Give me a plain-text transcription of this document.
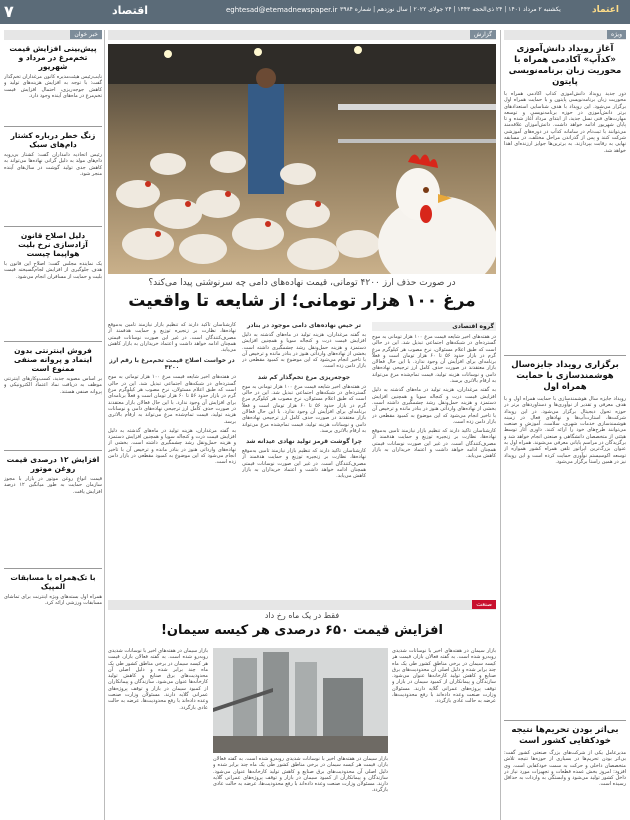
۷	اقتصاد	eghtesad@etemadnewspaper.ir یکشنبه ۲ مرداد ۱۴۰۱ | ۲۴ ذی‌الحجه ۱۴۴۳ | ۲۴ جولای ۲۰۲۲ | سال نوزدهم | شماره ۳۹۸۴	اعتماد
ویژه
آغاز رویداد دانش‌آموزی «کدآپ» آکادمی همراه با محوریت زبان برنامه‌نویسی پایتون
دور جدید رویداد دانش‌آموزی کدآپ آکادمی همراه با محوریت زبان برنامه‌نویسی پایتون و با حمایت همراه اول برگزار می‌شود. این رویداد با هدف شناسایی استعدادهای برتر دانش‌آموزی در حوزه برنامه‌نویسی و توسعه مهارت‌های فنی نسل جدید، از ابتدای مرداد آغاز شده و تا پایان شهریور ادامه خواهد داشت. دانش‌آموزان علاقه‌مند می‌توانند با ثبت‌نام در سامانه کدآپ در دوره‌های آموزشی شرکت کنند و پس از گذراندن مراحل مختلف، در مسابقه نهایی به رقابت بپردازند. به برترین‌ها جوایز ارزنده‌ای اهدا خواهد شد.
برگزاری رویداد جایزه‌سال هوشمندسازی با حمایت همراه اول
رویداد جایزه سال هوشمندسازی با حمایت همراه اول و با هدف معرفی و تقدیر از نوآوری‌ها و دستاوردهای برتر در حوزه تحول دیجیتال برگزار می‌شود. در این رویداد شرکت‌ها، استارت‌آپ‌ها و نهادهای فعال در زمینه هوشمندسازی خدمات شهری، سلامت، آموزش و صنعت می‌توانند طرح‌های خود را ارائه کنند. داوری آثار توسط هیئتی از متخصصان دانشگاهی و صنعتی انجام خواهد شد و برگزیدگان در مراسم پایانی معرفی می‌شوند. همراه اول به عنوان بزرگ‌ترین اپراتور تلفن همراه کشور همواره از توسعه اکوسیستم نوآوری حمایت کرده است و این رویداد نیز در همین راستا برگزار می‌شود.
بی‌اثر بودن تحریم‌ها نتیجه خودکفایی کشور است
مدیرعامل یکی از شرکت‌های بزرگ صنعتی کشور گفت: بی‌اثر بودن تحریم‌ها در بسیاری از حوزه‌ها نتیجه تلاش متخصصان داخلی و حرکت به سمت خودکفایی است. وی افزود: امروز بخش عمده قطعات و تجهیزات مورد نیاز در داخل کشور تولید می‌شود و وابستگی به واردات به حداقل رسیده است.
گزارش
در صورت حذف ارز ۴۲۰۰ تومانی، قیمت نهاده‌های دامی چه سرنوشتی پیدا می‌کند؟
مرغ ۱۰۰ هزار تومانی؛ از شایعه تا واقعیت
گروه اقتصادی
در هفته‌های اخیر شایعه قیمت مرغ ۱۰۰ هزار تومانی به موج گسترده‌ای در شبکه‌های اجتماعی تبدیل شد. این در حالی است که طبق اعلام مسئولان، نرخ مصوب هر کیلوگرم مرغ گرم در بازار حدود ۵۶ تا ۶۰ هزار تومان است و فعلاً برنامه‌ای برای افزایش آن وجود ندارد. با این حال فعالان بازار معتقدند در صورت حذف کامل ارز ترجیحی نهاده‌های دامی و نوسانات هزینه تولید، قیمت تمام‌شده مرغ می‌تواند به ارقام بالاتری برسد.
به گفته مرغداران، هزینه تولید در ماه‌های گذشته به دلیل افزایش قیمت ذرت و کنجاله سویا و همچنین افزایش دستمزد و هزینه حمل‌ونقل رشد چشمگیری داشته است. بخشی از نهاده‌های وارداتی هنوز در بنادر مانده و ترخیص آن با تاخیر انجام می‌شود که این موضوع به کمبود مقطعی در بازار دامن زده است.
کارشناسان تاکید دارند که تنظیم بازار نیازمند تامین به‌موقع نهاده‌ها، نظارت بر زنجیره توزیع و حمایت هدفمند از مصرف‌کنندگان است. در غیر این صورت نوسانات قیمتی همچنان ادامه خواهد داشت و اعتماد خریداران به بازار کاهش می‌یابد.
تر خیص نهاده‌های دامی موجود در بنادر
به گفته مرغداران، هزینه تولید در ماه‌های گذشته به دلیل افزایش قیمت ذرت و کنجاله سویا و همچنین افزایش دستمزد و هزینه حمل‌ونقل رشد چشمگیری داشته است. بخشی از نهاده‌های وارداتی هنوز در بنادر مانده و ترخیص آن با تاخیر انجام می‌شود که این موضوع به کمبود مقطعی در بازار دامن زده است.
جوجه‌ریزی مرغ تخم‌گذار کم شد
در هفته‌های اخیر شایعه قیمت مرغ ۱۰۰ هزار تومانی به موج گسترده‌ای در شبکه‌های اجتماعی تبدیل شد. این در حالی است که طبق اعلام مسئولان، نرخ مصوب هر کیلوگرم مرغ گرم در بازار حدود ۵۶ تا ۶۰ هزار تومان است و فعلاً برنامه‌ای برای افزایش آن وجود ندارد. با این حال فعالان بازار معتقدند در صورت حذف کامل ارز ترجیحی نهاده‌های دامی و نوسانات هزینه تولید، قیمت تمام‌شده مرغ می‌تواند به ارقام بالاتری برسد.
چرا گوشت قرمز تولید نهادی عیدانه شد
کارشناسان تاکید دارند که تنظیم بازار نیازمند تامین به‌موقع نهاده‌ها، نظارت بر زنجیره توزیع و حمایت هدفمند از مصرف‌کنندگان است. در غیر این صورت نوسانات قیمتی همچنان ادامه خواهد داشت و اعتماد خریداران به بازار کاهش می‌یابد.
کارشناسان تاکید دارند که تنظیم بازار نیازمند تامین به‌موقع نهاده‌ها، نظارت بر زنجیره توزیع و حمایت هدفمند از مصرف‌کنندگان است. در غیر این صورت نوسانات قیمتی همچنان ادامه خواهد داشت و اعتماد خریداران به بازار کاهش می‌یابد.
در خواست اصلاح قیمت تخم‌مرغ با رقم ارز ۴۲۰۰
در هفته‌های اخیر شایعه قیمت مرغ ۱۰۰ هزار تومانی به موج گسترده‌ای در شبکه‌های اجتماعی تبدیل شد. این در حالی است که طبق اعلام مسئولان، نرخ مصوب هر کیلوگرم مرغ گرم در بازار حدود ۵۶ تا ۶۰ هزار تومان است و فعلاً برنامه‌ای برای افزایش آن وجود ندارد. با این حال فعالان بازار معتقدند در صورت حذف کامل ارز ترجیحی نهاده‌های دامی و نوسانات هزینه تولید، قیمت تمام‌شده مرغ می‌تواند به ارقام بالاتری برسد.
به گفته مرغداران، هزینه تولید در ماه‌های گذشته به دلیل افزایش قیمت ذرت و کنجاله سویا و همچنین افزایش دستمزد و هزینه حمل‌ونقل رشد چشمگیری داشته است. بخشی از نهاده‌های وارداتی هنوز در بنادر مانده و ترخیص آن با تاخیر انجام می‌شود که این موضوع به کمبود مقطعی در بازار دامن زده است.
صنعت
فقط در یک ماه رخ داد
افزایش قیمت ۶۵۰ درصدی هر کیسه سیمان!
بازار سیمان در هفته‌های اخیر با نوسانات شدیدی روبه‌رو شده است. به گفته فعالان بازار، قیمت هر کیسه سیمان در برخی مناطق کشور طی یک ماه چند برابر شده و دلیل اصلی آن محدودیت‌های برق صنایع و کاهش تولید کارخانه‌ها عنوان می‌شود. سازندگان و پیمانکاران از کمبود سیمان در بازار و توقف پروژه‌های عمرانی گلایه دارند. مسئولان وزارت صنعت وعده داده‌اند با رفع محدودیت‌ها، عرضه به حالت عادی بازگردد.
بازار سیمان در هفته‌های اخیر با نوسانات شدیدی روبه‌رو شده است. به گفته فعالان بازار، قیمت هر کیسه سیمان در برخی مناطق کشور طی یک ماه چند برابر شده و دلیل اصلی آن محدودیت‌های برق صنایع و کاهش تولید کارخانه‌ها عنوان می‌شود. سازندگان و پیمانکاران از کمبود سیمان در بازار و توقف پروژه‌های عمرانی گلایه دارند. مسئولان وزارت صنعت وعده داده‌اند با رفع محدودیت‌ها، عرضه به حالت عادی بازگردد.
بازار سیمان در هفته‌های اخیر با نوسانات شدیدی روبه‌رو شده است. به گفته فعالان بازار، قیمت هر کیسه سیمان در برخی مناطق کشور طی یک ماه چند برابر شده و دلیل اصلی آن محدودیت‌های برق صنایع و کاهش تولید کارخانه‌ها عنوان می‌شود. سازندگان و پیمانکاران از کمبود سیمان در بازار و توقف پروژه‌های عمرانی گلایه دارند. مسئولان وزارت صنعت وعده داده‌اند با رفع محدودیت‌ها، عرضه به حالت عادی بازگردد.
خبر خوان
پیش‌بینی افزایش قیمت تخم‌مرغ در مرداد و شهریور
نایب‌رئیس هیئت‌مدیره کانون مرغداران تخم‌گذار گفت: با توجه به افزایش هزینه‌های تولید و کاهش جوجه‌ریزی، احتمال افزایش قیمت تخم‌مرغ در ماه‌های آینده وجود دارد.
زنگ خطر درباره کشتار دام‌های سبک
رئیس اتحادیه دامداران گفت: کشتار بی‌رویه دام‌های مولد به دلیل گرانی نهاده‌ها می‌تواند به کاهش جدی تولید گوشت در سال‌های آینده منجر شود.
دلیل اصلاح قانون آزادسازی نرخ بلیت هواپیما چیست
یک نماینده مجلس گفت: اصلاح این قانون با هدف جلوگیری از افزایش لجام‌گسیخته قیمت بلیت و حمایت از مسافران انجام می‌شود.
فروش اینترنتی بدون اینماد و پروانه صنفی ممنوع است
بر اساس مصوبه جدید، کسب‌وکارهای اینترنتی موظف به دریافت نماد اعتماد الکترونیکی و پروانه صنفی هستند.
افزایش ۱۲ درصدی قیمت روغن موتور
قیمت انواع روغن موتور در بازار با مجوز سازمان حمایت به طور میانگین ۱۲ درصد افزایش یافت.
با تک‌همراه با مسابقات المپیک
همراه اول بسته‌های ویژه اینترنت برای تماشای مسابقات ورزشی ارائه کرد.
